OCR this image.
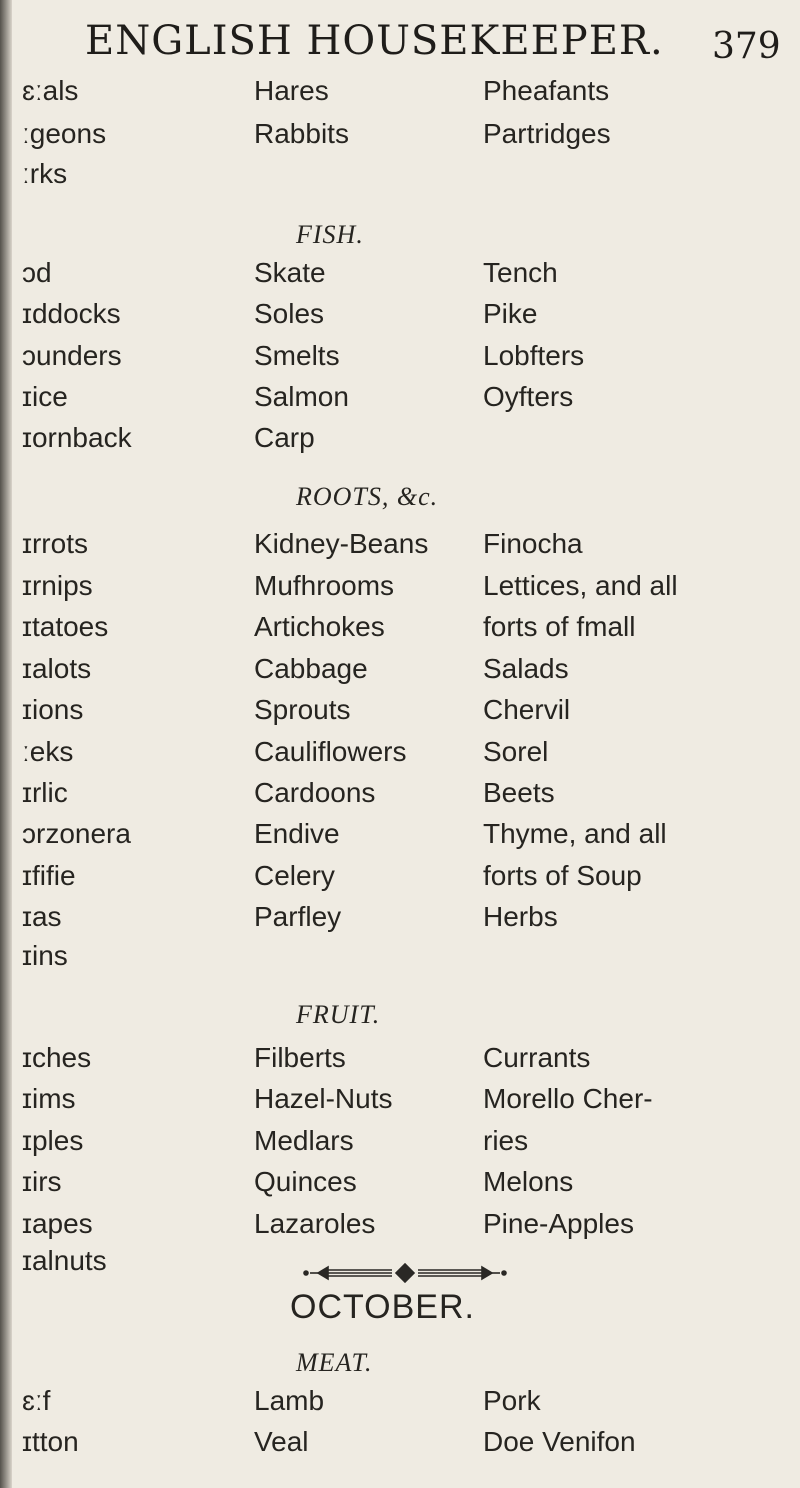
ENGLISH HOUSEKEEPER. 379
ɛːals	Hares	Pheafants
ːgeons	Rabbits	Partridges
ːrks
FISH.
ɔd	Skate	Tench
ɪddocks	Soles	Pike
ɔunders	Smelts	Lobfters
ɪice	Salmon	Oyfters
ɪornback	Carp
ROOTS, &c.
ɪrrots	Kidney-Beans Finocha
ɪrnips	Mufhrooms	Lettices, and all
ɪtatoes	Artichokes	forts of fmall
ɪalots	Cabbage	Salads
ɪions	Sprouts	Chervil
ːeks	Cauliflowers	Sorel
ɪrlic	Cardoons	Beets
ɔrzonera	Endive	Thyme, and all
ɪfifie	Celery	forts of Soup
ɪas	Parfley	Herbs
ɪins
FRUIT.
ɪches	Filberts	Currants
ɪims	Hazel-Nuts	Morello Cher-
ɪples	Medlars	ries
ɪirs	Quinces	Melons
ɪapes	Lazaroles	Pine-Apples
ɪalnuts
OCTOBER.
MEAT.
ɛːf	Lamb	Pork
ɪtton	Veal	Doe Venifon
